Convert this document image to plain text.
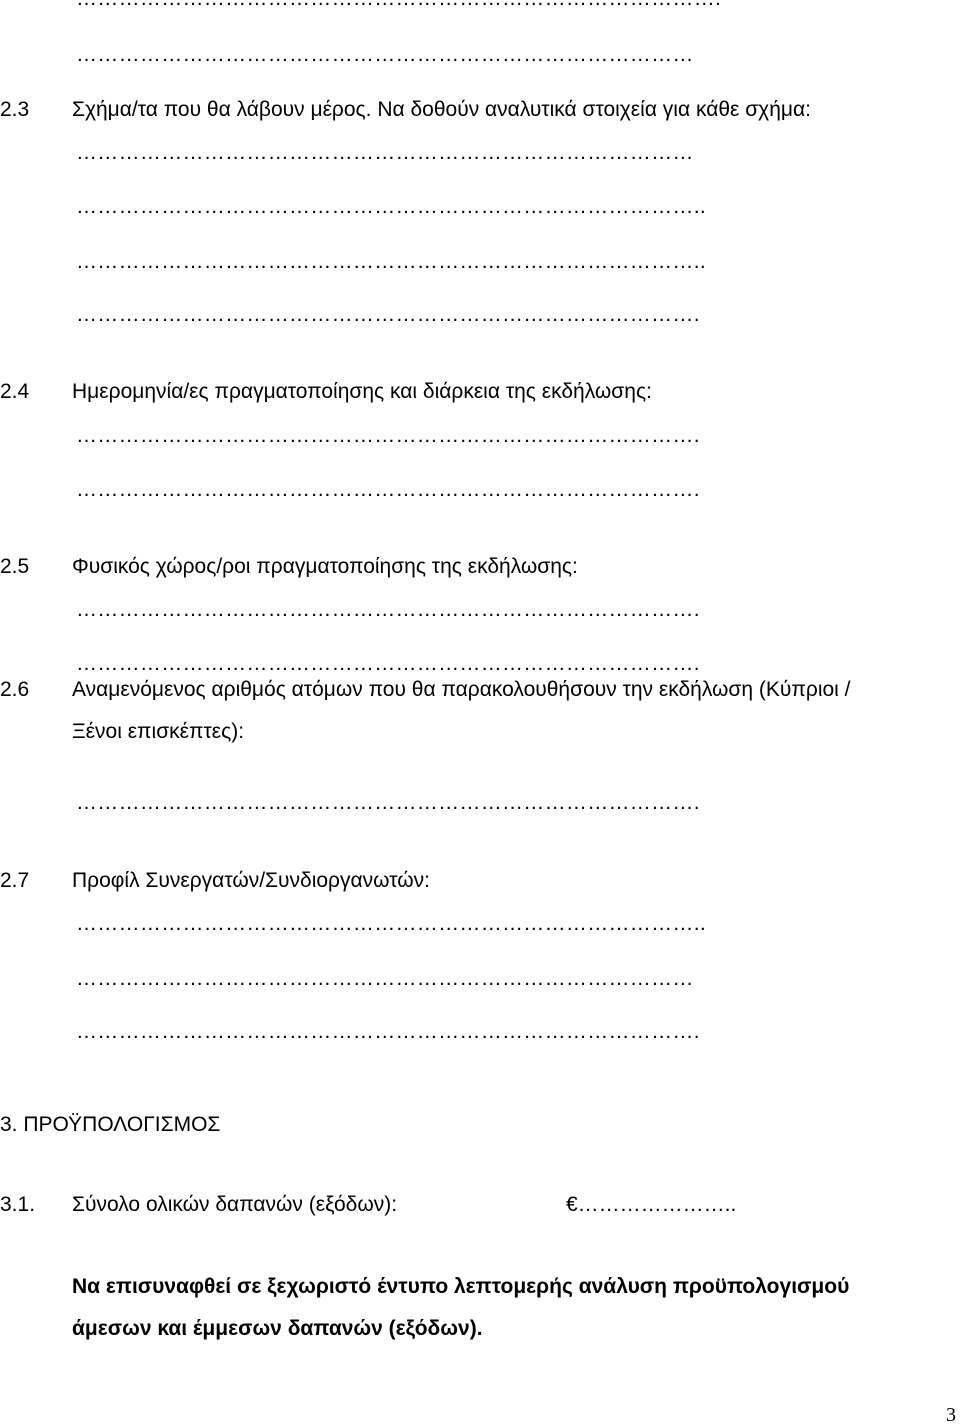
……………………………………………………………………………
2.3 Σχήμα/τα που θα λάβουν μέρος. Να δοθούν αναλυτικά στοιχεία για κάθε σχήμα:
……………………………………………………………………………
……………………………………………………………………………..
……………………………………………………………………………..
…………………………………………………………………………….
2.4 Ημερομηνία/ες πραγματοποίησης και διάρκεια της εκδήλωσης:
…………………………………………………………………………….
…………………………………………………………………………….
2.5 Φυσικός χώρος/ροι πραγματοποίησης της εκδήλωσης:
…………………………………………………………………………….
…………………………………………………………………………….
2.6 Αναμενόμενος αριθμός ατόμων που θα παρακολουθήσουν την εκδήλωση (Κύπριοι /
Ξένοι επισκέπτες):
…………………………………………………………………………….
2.7 Προφίλ Συνεργατών/Συνδιοργανωτών:
……………………………………………………………………………..
……………………………………………………………………………
…………………………………………………………………………….
3. ΠΡΟΫΠΟΛΟΓΙΣΜΟΣ
3.1. Σύνολο ολικών δαπανών (εξόδων):	€…………………..
Να επισυναφθεί σε ξεχωριστό έντυπο λεπτομερής ανάλυση προϋπολογισμού
άμεσων και έμμεσων δαπανών (εξόδων).
3
